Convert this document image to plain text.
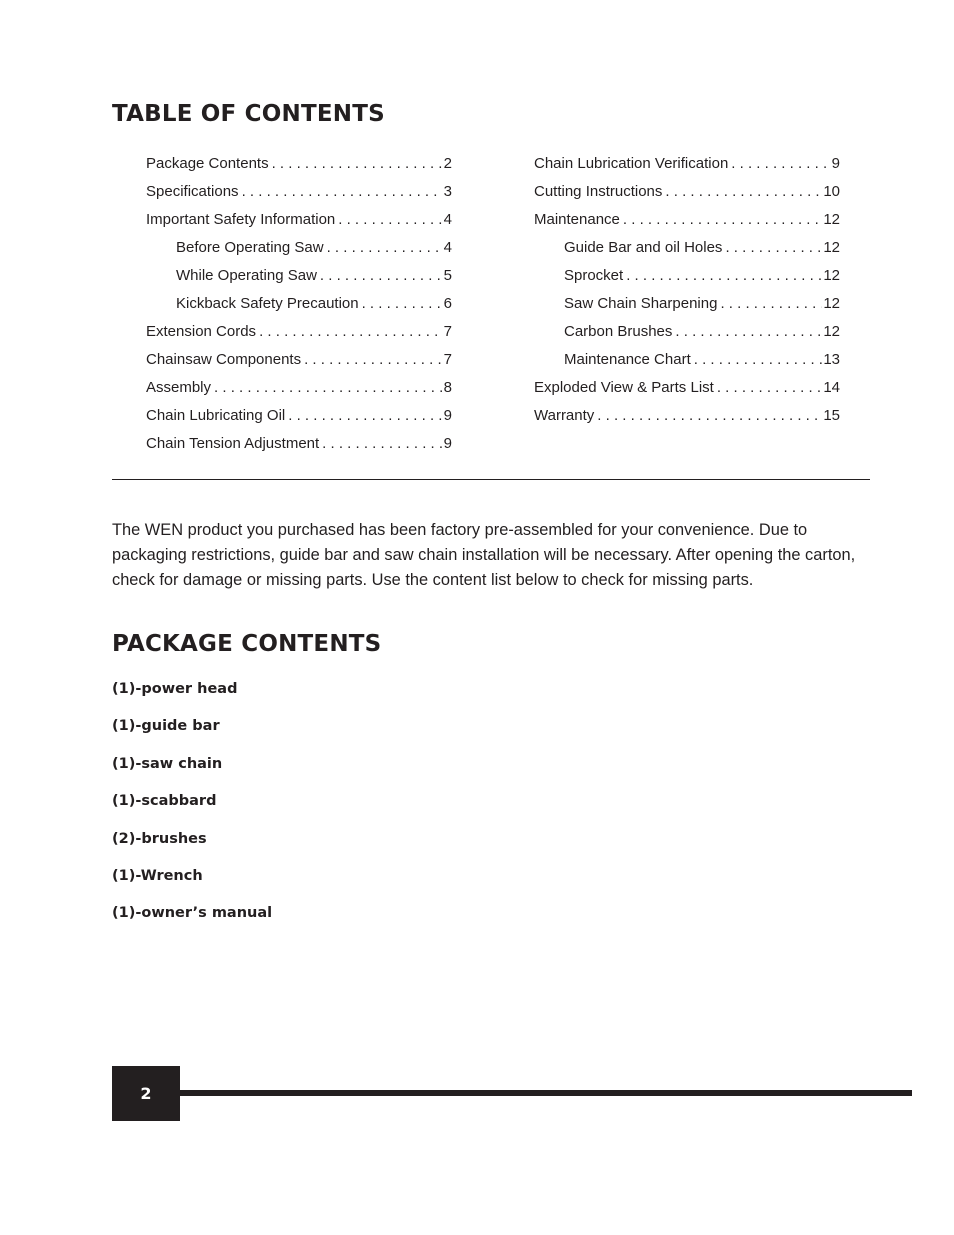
TABLE OF CONTENTS
Package Contents . . .	2
Specifications . . .	3
Important Safety Information . . .	4
Before Operating Saw . . .	4
While Operating Saw . . .	5
Kickback Safety Precaution . . .	6
Extension Cords . . .	7
Chainsaw Components . . .	7
Assembly . . .	8
Chain Lubricating Oil . . .	9
Chain Tension Adjustment . . .	9
Chain Lubrication Verification . . .	9
Cutting Instructions . . .	10
Maintenance . . .	12
Guide Bar and oil Holes . . .	12
Sprocket . . .	12
Saw Chain Sharpening . . .	12
Carbon Brushes . . .	12
Maintenance Chart . . .	13
Exploded View & Parts List . . .	14
Warranty . . .	15

The WEN product you purchased has been factory pre-assembled for your convenience. Due to packaging restrictions, guide bar and saw chain installation will be necessary. After opening the carton, check for damage or missing parts. Use the content list below to check for missing parts.

PACKAGE CONTENTS
(1)-power head
(1)-guide bar
(1)-saw chain
(1)-scabbard
(2)-brushes
(1)-Wrench
(1)-owner’s manual
2
